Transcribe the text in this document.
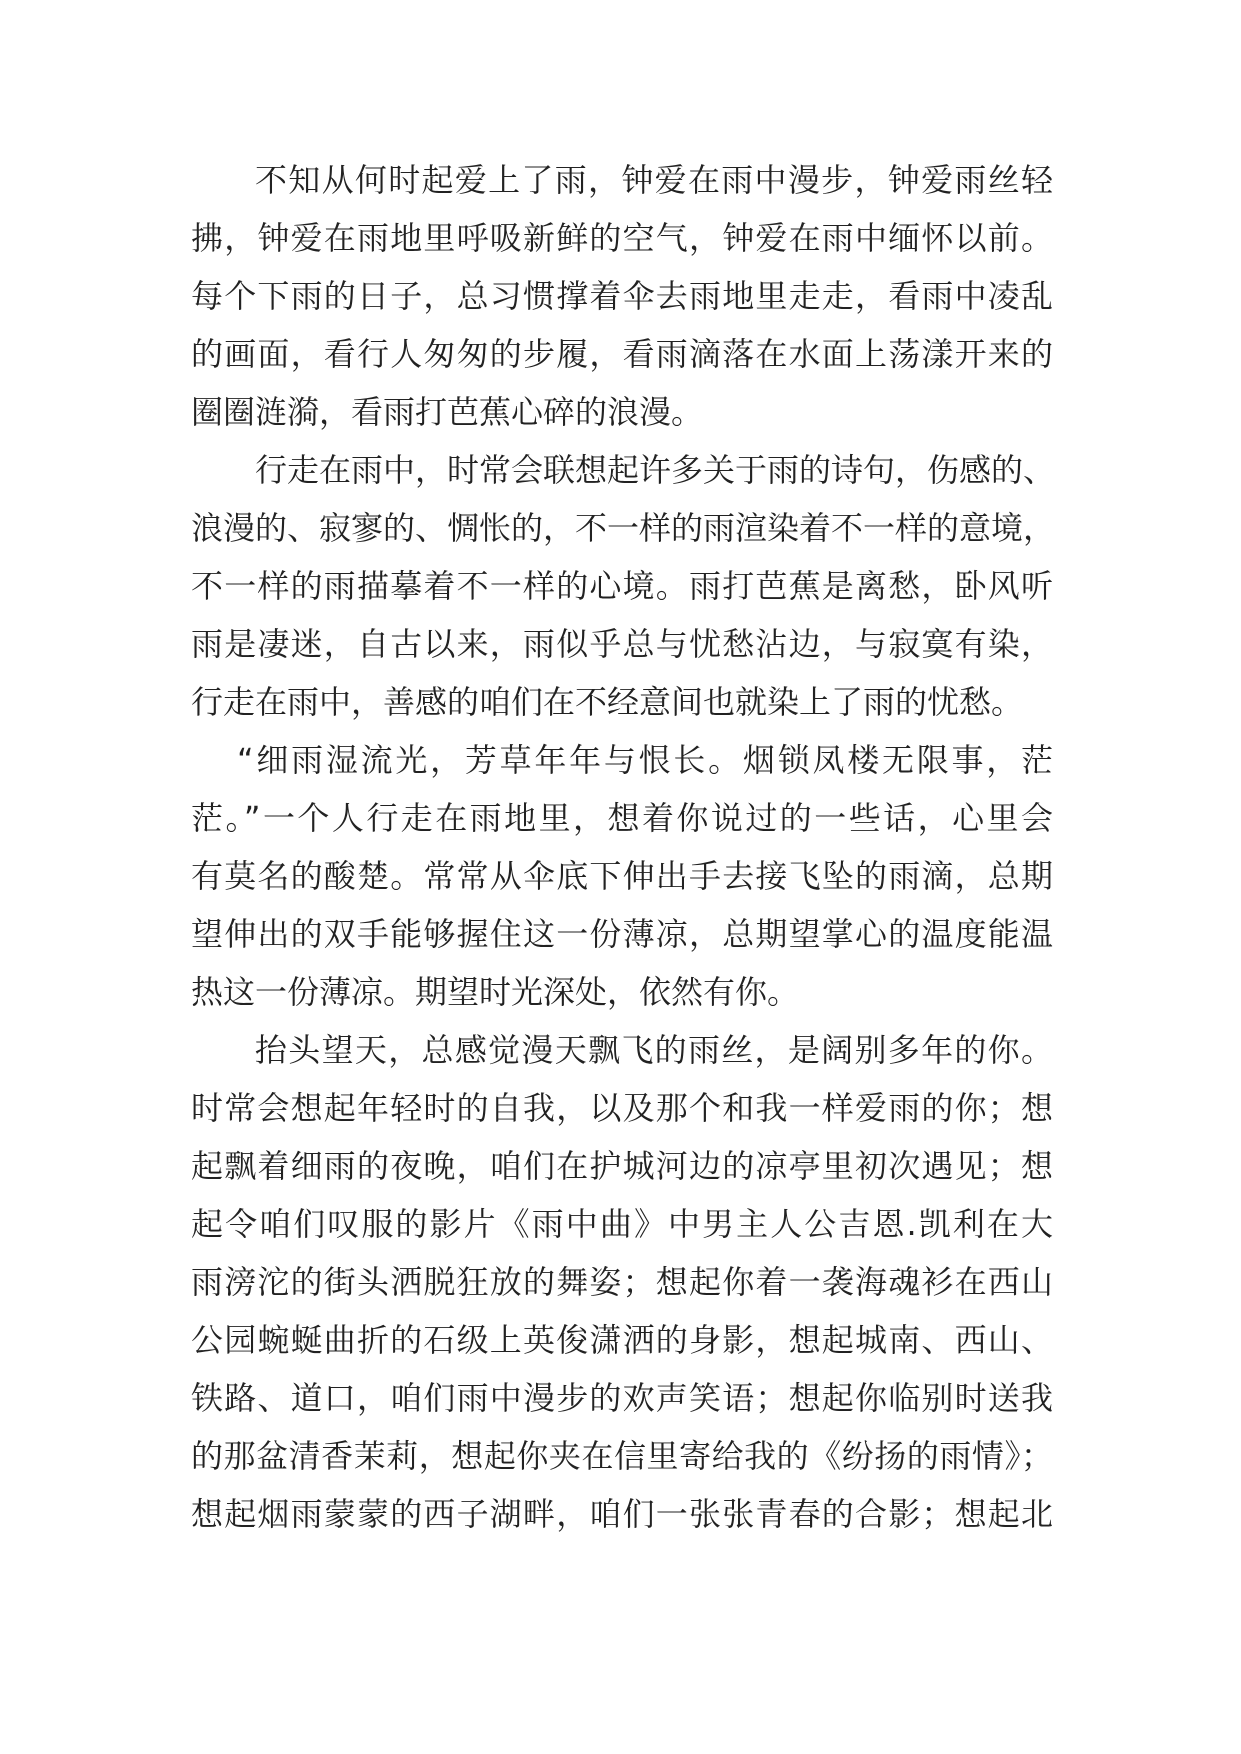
不知从何时起爱上了雨，钟爱在雨中漫步，钟爱雨丝轻
拂，钟爱在雨地里呼吸新鲜的空气，钟爱在雨中缅怀以前。
每个下雨的日子，总习惯撑着伞去雨地里走走，看雨中凌乱
的画面，看行人匆匆的步履，看雨滴落在水面上荡漾开来的
圈圈涟漪，看雨打芭蕉心碎的浪漫。
行走在雨中，时常会联想起许多关于雨的诗句，伤感的、
浪漫的、寂寥的、惆怅的，不一样的雨渲染着不一样的意境，
不一样的雨描摹着不一样的心境。雨打芭蕉是离愁，卧风听
雨是凄迷，自古以来，雨似乎总与忧愁沾边，与寂寞有染，
行走在雨中，善感的咱们在不经意间也就染上了雨的忧愁。
“细雨湿流光，芳草年年与恨长。烟锁凤楼无限事，茫
茫。”一个人行走在雨地里，想着你说过的一些话，心里会
有莫名的酸楚。常常从伞底下伸出手去接飞坠的雨滴，总期
望伸出的双手能够握住这一份薄凉，总期望掌心的温度能温
热这一份薄凉。期望时光深处，依然有你。
抬头望天，总感觉漫天飘飞的雨丝，是阔别多年的你。
时常会想起年轻时的自我，以及那个和我一样爱雨的你；想
起飘着细雨的夜晚，咱们在护城河边的凉亭里初次遇见；想
起令咱们叹服的影片《雨中曲》中男主人公吉恩.凯利在大
雨滂沱的街头洒脱狂放的舞姿；想起你着一袭海魂衫在西山
公园蜿蜒曲折的石级上英俊潇洒的身影，想起城南、西山、
铁路、道口，咱们雨中漫步的欢声笑语；想起你临别时送我
的那盆清香茉莉，想起你夹在信里寄给我的《纷扬的雨情》；
想起烟雨蒙蒙的西子湖畔，咱们一张张青春的合影；想起北
